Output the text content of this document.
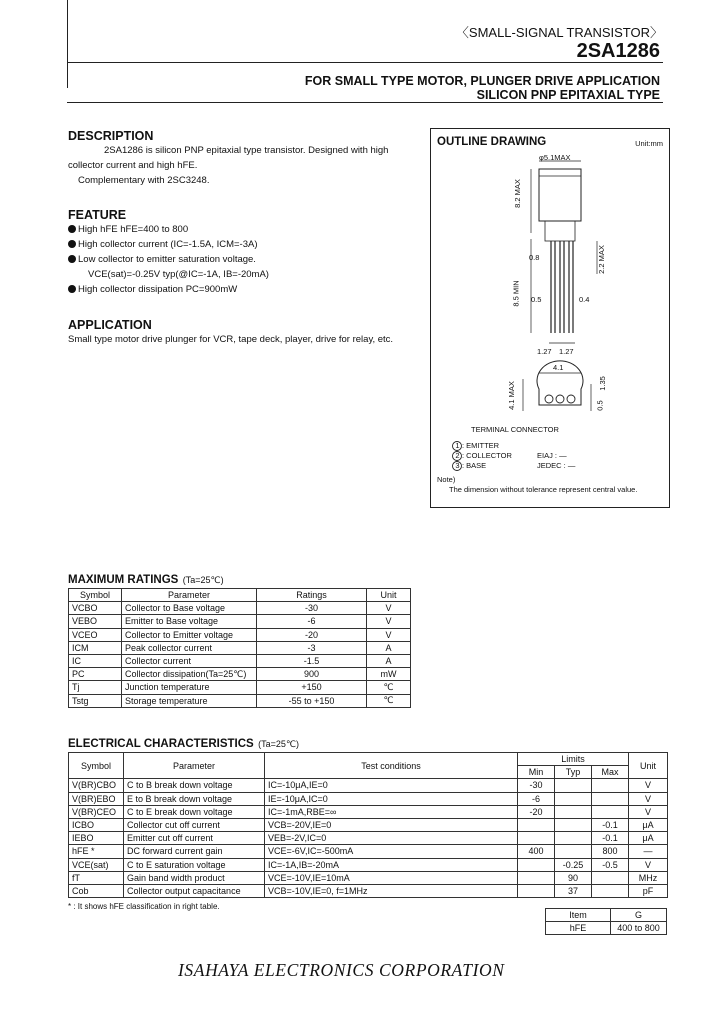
〈SMALL-SIGNAL TRANSISTOR〉
2SA1286
FOR SMALL TYPE MOTOR, PLUNGER DRIVE APPLICATION
SILICON PNP EPITAXIAL TYPE
DESCRIPTION
2SA1286 is silicon PNP epitaxial type transistor. Designed with high
collector current and high hFE.
Complementary with 2SC3248.
FEATURE
High hFE hFE=400 to 800
High collector current (IC=-1.5A, ICM=-3A)
Low collector to emitter saturation voltage.
VCE(sat)=-0.25V typ(@IC=-1A, IB=-20mA)
High collector dissipation PC=900mW
APPLICATION
Small type motor drive plunger for VCR, tape deck, player, drive for relay, etc.
OUTLINE DRAWING	Unit:mm
φ5.1MAX
8.2 MAX
8.5 MIN
0.8
0.5	0.4
2.2 MAX
1.27 1.27
4.1
4.1 MAX	0.5
1.35
TERMINAL CONNECTOR
1 : EMITTER
2 : COLLECTOR
3 : BASE
EIAJ : —
JEDEC : —
Note)
The dimension without tolerance represent central value.
MAXIMUM RATINGS (Ta=25℃)
Symbol	Parameter	Ratings	Unit
VCBO	Collector to Base voltage	-30	V
VEBO	Emitter to Base voltage	-6	V
VCEO	Collector to Emitter voltage	-20	V
ICM	Peak collector current	-3	A
IC	Collector current	-1.5	A
PC	Collector dissipation(Ta=25℃)	900	mW
Tj	Junction temperature	+150	℃
Tstg	Storage temperature	-55 to +150	℃
ELECTRICAL CHARACTERISTICS (Ta=25℃)
Symbol	Parameter	Test conditions	Limits			Unit
			Min	Typ	Max	
V(BR)CBO	C to B break down voltage	IC=-10μA,IE=0	-30			V
V(BR)EBO	E to B break down voltage	IE=-10μA,IC=0	-6			V
V(BR)CEO	C to E break down voltage	IC=-1mA,RBE=∞	-20			V
ICBO	Collector cut off current	VCB=-20V,IE=0			-0.1	μA
IEBO	Emitter cut off current	VEB=-2V,IC=0			-0.1	μA
hFE *	DC forward current gain	VCE=-6V,IC=-500mA	400		800	—
VCE(sat)	C to E saturation voltage	IC=-1A,IB=-20mA		-0.25	-0.5	V
fT	Gain band width product	VCE=-10V,IE=10mA		90		MHz
Cob	Collector output capacitance	VCB=-10V,IE=0, f=1MHz		37		pF
* : It shows hFE classification in right table.
Item	G
hFE	400 to 800
ISAHAYA ELECTRONICS CORPORATION
